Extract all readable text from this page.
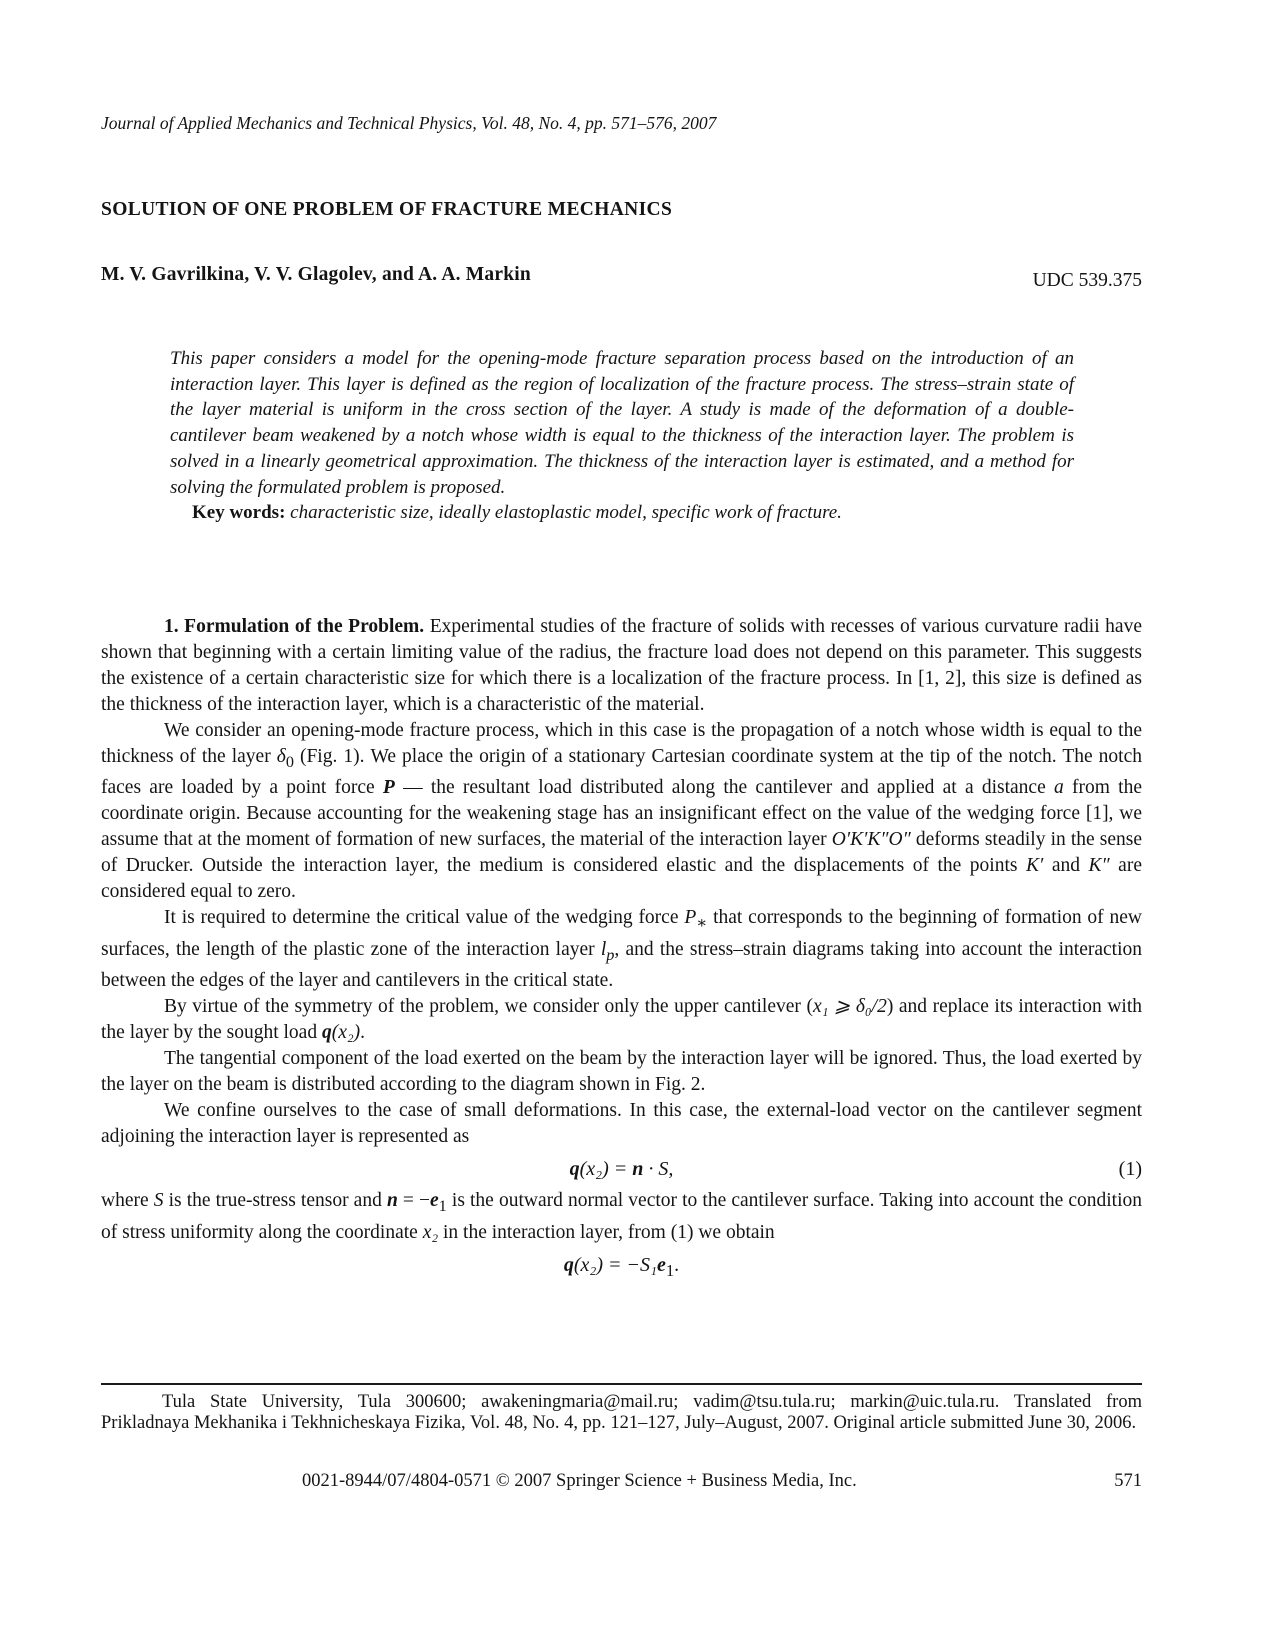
Journal of Applied Mechanics and Technical Physics, Vol. 48, No. 4, pp. 571–576, 2007
SOLUTION OF ONE PROBLEM OF FRACTURE MECHANICS
M. V. Gavrilkina, V. V. Glagolev, and A. A. Markin	UDC 539.375

This paper considers a model for the opening-mode fracture separation process based on the introduction of an interaction layer. This layer is defined as the region of localization of the fracture process. The stress–strain state of the layer material is uniform in the cross section of the layer. A study is made of the deformation of a double-cantilever beam weakened by a notch whose width is equal to the thickness of the interaction layer. The problem is solved in a linearly geometrical approximation. The thickness of the interaction layer is estimated, and a method for solving the formulated problem is proposed.

Key words: characteristic size, ideally elastoplastic model, specific work of fracture.

1. Formulation of the Problem. Experimental studies of the fracture of solids with recesses of various curvature radii have shown that beginning with a certain limiting value of the radius, the fracture load does not depend on this parameter. This suggests the existence of a certain characteristic size for which there is a localization of the fracture process. In [1, 2], this size is defined as the thickness of the interaction layer, which is a characteristic of the material.

We consider an opening-mode fracture process, which in this case is the propagation of a notch whose width is equal to the thickness of the layer $\delta_0$ (Fig. 1). We place the origin of a stationary Cartesian coordinate system at the tip of the notch. The notch faces are loaded by a point force P — the resultant load distributed along the cantilever and applied at a distance a from the coordinate origin. Because accounting for the weakening stage has an insignificant effect on the value of the wedging force [1], we assume that at the moment of formation of new surfaces, the material of the interaction layer O′K′K″O″ deforms steadily in the sense of Drucker. Outside the interaction layer, the medium is considered elastic and the displacements of the points K′ and K″ are considered equal to zero.

It is required to determine the critical value of the wedging force $P_∗$ that corresponds to the beginning of formation of new surfaces, the length of the plastic zone of the interaction layer $l_p$, and the stress–strain diagrams taking into account the interaction between the edges of the layer and cantilevers in the critical state.

By virtue of the symmetry of the problem, we consider only the upper cantilever (x₁ ⩾ δ₀/2) and replace its interaction with the layer by the sought load q(x₂).

The tangential component of the load exerted on the beam by the interaction layer will be ignored. Thus, the load exerted by the layer on the beam is distributed according to the diagram shown in Fig. 2.

We confine ourselves to the case of small deformations. In this case, the external-load vector on the cantilever segment adjoining the interaction layer is represented as

q(x₂) = n · S,	(1)

where S is the true-stress tensor and $n = -e_1$ is the outward normal vector to the cantilever surface. Taking into account the condition of stress uniformity along the coordinate x₂ in the interaction layer, from (1) we obtain

$q(x_2) = -S_1e_1$.
Tula State University, Tula 300600; awakeningmaria@mail.ru; vadim@tsu.tula.ru; markin@uic.tula.ru. Translated from Prikladnaya Mekhanika i Tekhnicheskaya Fizika, Vol. 48, No. 4, pp. 121–127, July–August, 2007. Original article submitted June 30, 2006.
0021-8944/07/4804-0571 © 2007 Springer Science + Business Media, Inc.	571
